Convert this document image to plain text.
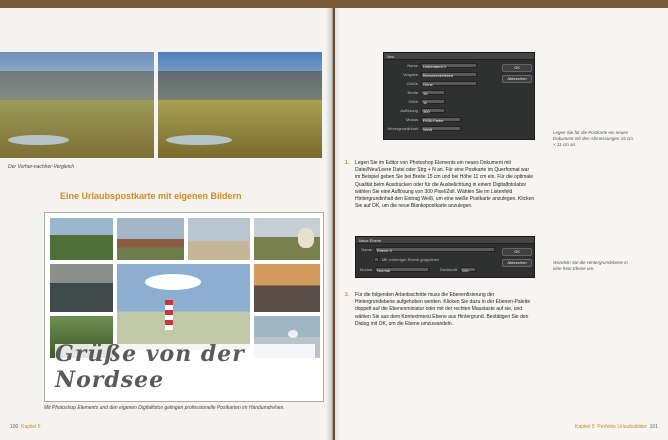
Der Vorher-nachher-Vergleich
Eine Urlaubspostkarte mit eigenen Bildern
Grüße von der Nordsee
Mit Photoshop Elements und den eigenen Digitalfotos gelingen professionelle Postkarten im Handumdrehen.
100 Kapitel 5
Neu
Name	Unbenannt-1
Vorgabe	Benutzerdefiniert
Größe	Ohne
Breite	15
Höhe	11
Auflösung	300
Modus	RGB-Farbe
Hintergrundinhalt	Weiß
OK
Abbrechen
Legen Sie für die Postkarte ein neues Dokument mit den Abmessungen 15 cm × 11 cm an.
1. Legen Sie im Editor von Photoshop Elements ein neues Dokument mit Datei/Neu/Leere Datei oder Strg + N an. Für eine Postkarte im Querformat war im Beispiel geben Sie bei Breite 15 cm und bei Höhe 11 cm ein. Für die optimale Qualität beim Ausdrucken oder für die Ausbelichtung in einem Digitalfotolabor wählen Sie eine Auflösung von 300 Pixel/Zoll. Wählen Sie im Listenfeld Hintergrundinhalt den Eintrag Weiß, um eine weiße Postkarte anzulegen. Klicken Sie auf OK, um die neue Blankopostkarte anzulegen.
Neue Ebene
Name	Ebene 0
Mit vorheriger Ebene gruppieren
Modus	Normal	Deckkraft	100
OK
Abbrechen	Wandeln Sie die Hintergrundebene in eine freie Ebene um.
2. Für die folgenden Arbeitsschritte muss die Ebenenfixierung der Hintergrundebene aufgehoben werden. Klicken Sie dazu in der Ebenen-Palette doppelt auf die Ebenenminiatur oder mit der rechten Maustaste auf sie, und wählen Sie aus dem Kontextmenü Ebene aus Hintergrund. Bestätigen Sie den Dialog mit OK, um die Ebene umzuwandeln.
Kapitel 5 Perfekte Urlaubsbilder 101
